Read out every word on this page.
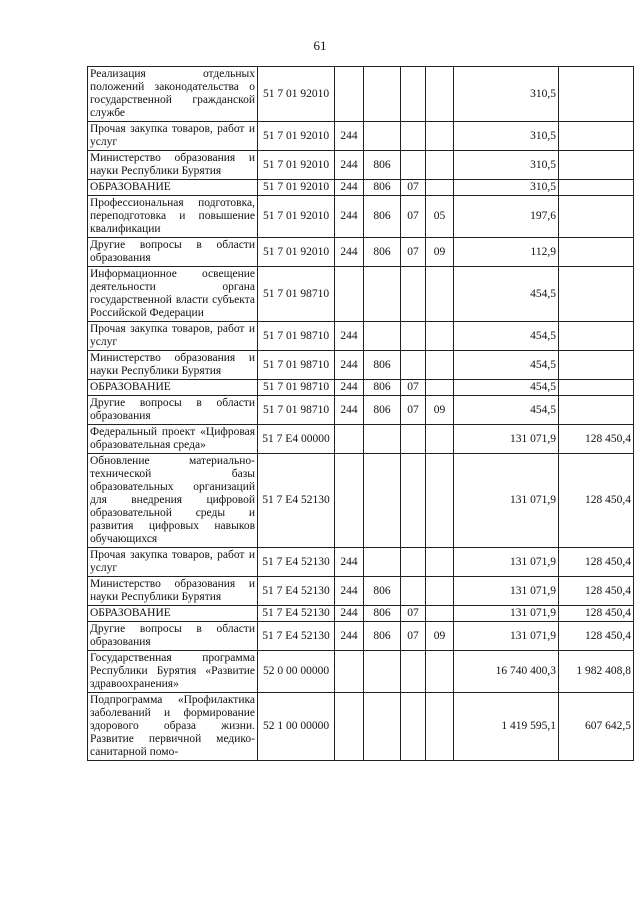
61
Реализация отдельных положений законодательства о государственной гражданской службе	51 7 01 92010					310,5	
Прочая закупка товаров, работ и услуг	51 7 01 92010	244				310,5	
Министерство образования и науки Республики Бурятия	51 7 01 92010	244	806			310,5	
ОБРАЗОВАНИЕ	51 7 01 92010	244	806	07		310,5	
Профессиональная подготовка, переподготовка и повышение квалификации	51 7 01 92010	244	806	07	05	197,6	
Другие вопросы в области образования	51 7 01 92010	244	806	07	09	112,9	
Информационное освещение деятельности органа государственной власти субъекта Российской Федерации	51 7 01 98710					454,5	
Прочая закупка товаров, работ и услуг	51 7 01 98710	244				454,5	
Министерство образования и науки Республики Бурятия	51 7 01 98710	244	806			454,5	
ОБРАЗОВАНИЕ	51 7 01 98710	244	806	07		454,5	
Другие вопросы в области образования	51 7 01 98710	244	806	07	09	454,5	
Федеральный проект «Цифровая образовательная среда»	51 7 E4 00000					131 071,9	128 450,4
Обновление материально-технической базы образовательных организаций для внедрения цифровой образовательной среды и развития цифровых навыков обучающихся	51 7 E4 52130					131 071,9	128 450,4
Прочая закупка товаров, работ и услуг	51 7 E4 52130	244				131 071,9	128 450,4
Министерство образования и науки Республики Бурятия	51 7 E4 52130	244	806			131 071,9	128 450,4
ОБРАЗОВАНИЕ	51 7 E4 52130	244	806	07		131 071,9	128 450,4
Другие вопросы в области образования	51 7 E4 52130	244	806	07	09	131 071,9	128 450,4
Государственная программа Республики Бурятия «Развитие здравоохранения»	52 0 00 00000					16 740 400,3	1 982 408,8
Подпрограмма «Профилактика заболеваний и формирование здорового образа жизни. Развитие первичной медико-санитарной помо-	52 1 00 00000					1 419 595,1	607 642,5
